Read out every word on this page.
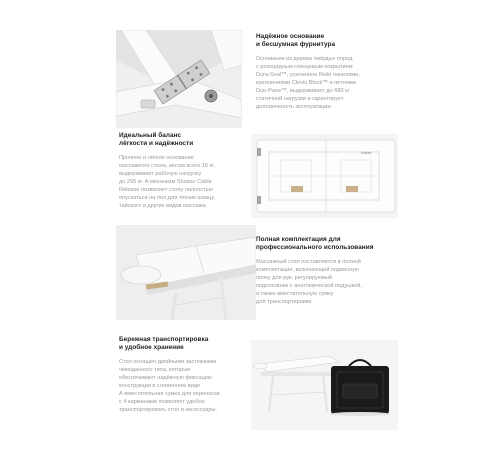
Надёжное основание
и бесшумная фурнитура
Основания из дерева твёрдых пород
с розоцидным глинцевым покрытием
Dura-Seal™, усиленное Reiki панелями,
креплениями Clevis Block™ и петлями
Duo-Pane™, выдерживает до 680 кг
статичной нагрузки и гарантирует
долговечность эксплуатации.
Идеальный баланс
лёгкости и надёжности
Прочное и лёгкое основание
массажного стола, весом всего 16 кг,
выдерживает рабочую нагрузку
до 295 кг. А механизм Shiatsu Cable
Release позволяет столу полностью
опускаться на пол для техник шиацу,
тайского и других видов массажа.
Master
Полная комплектация для
профессионального использования
Массажный стол поставляется в полной
комплектации, включающей подвесную
полку для рук, регулируемый
подголовник с анатомической подушкой,
а также вместительную сумку
для транспортировки.
Бережная транспортировка
и удобное хранение
Стол оснащён двойными застежками
чемоданного типа, которые
обеспечивают надёжную фиксацию
конструкции в сложенном виде.
А вместительная сумка для переноски
с 4 карманами позволяет удобно
транспортировать стол и аксессуары.
